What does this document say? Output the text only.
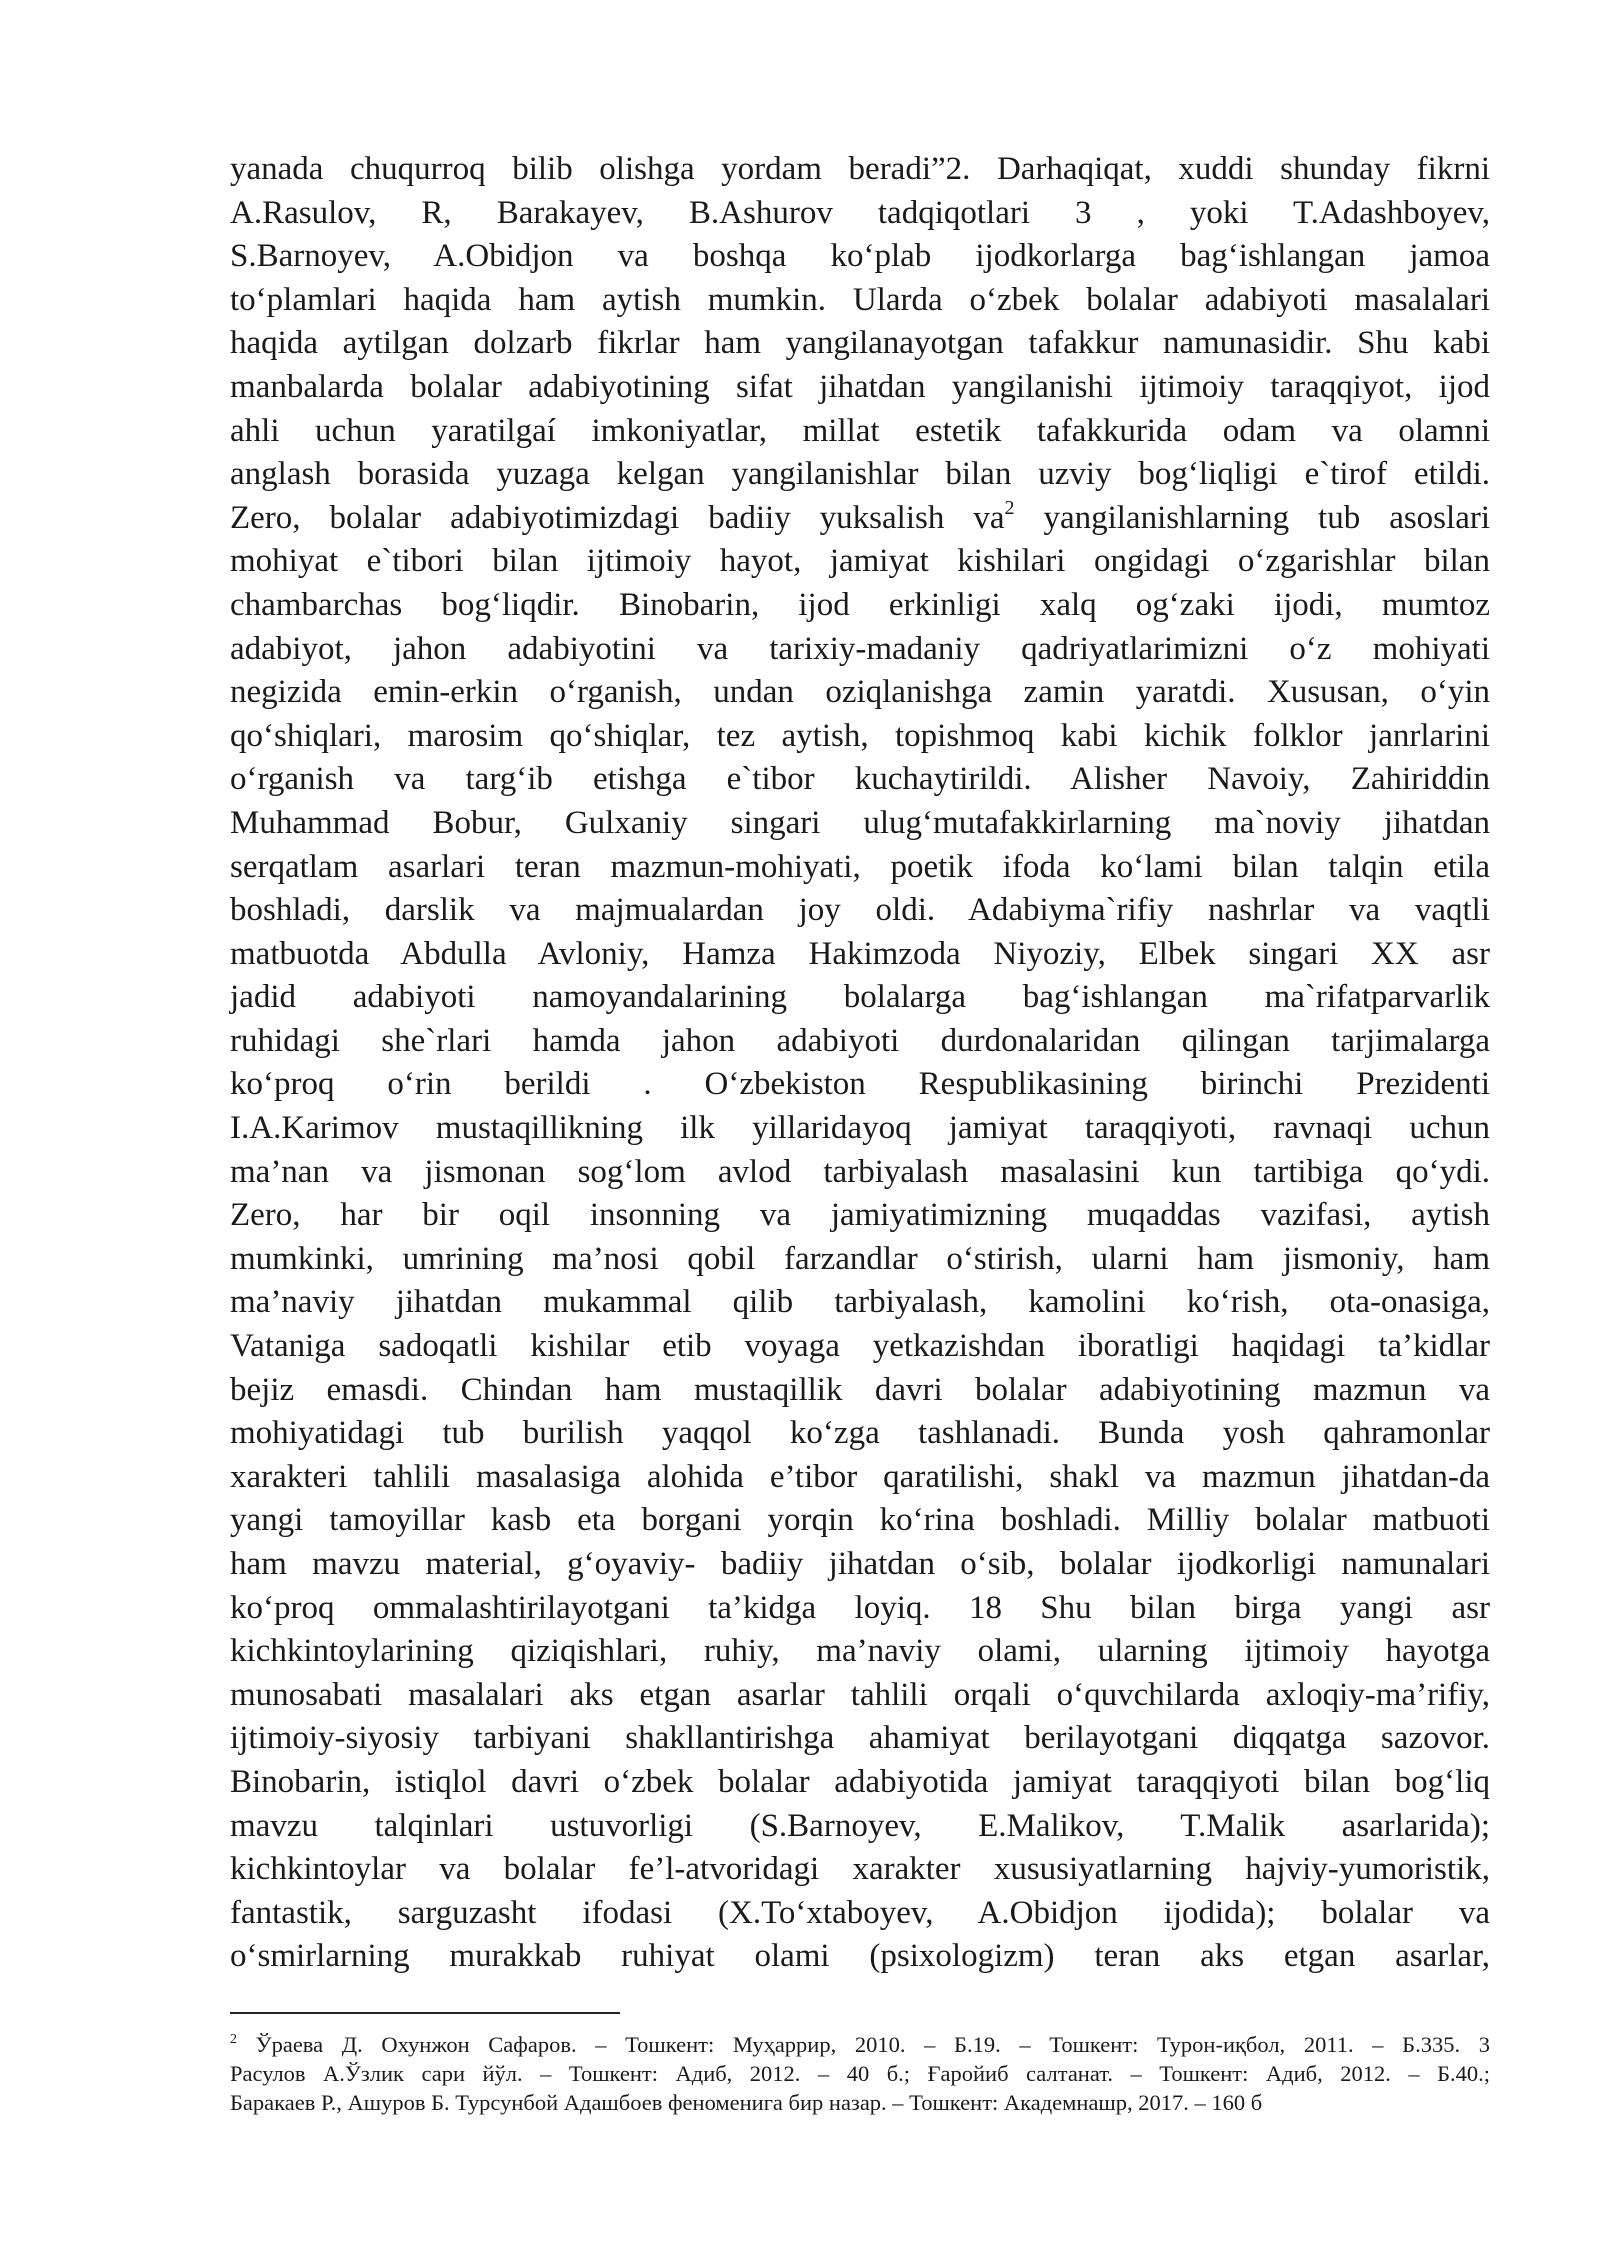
yanada chuqurroq bilib olishga yordam beradi”2. Darhaqiqat, xuddi shunday fikrni
A.Rasulov, R, Barakayev, B.Ashurov tadqiqotlari 3 , yoki T.Adashboyev,
S.Barnoyev, A.Obidjon va boshqa koʻplab ijodkorlarga bagʻishlangan jamoa
toʻplamlari haqida ham aytish mumkin. Ularda oʻzbek bolalar adabiyoti masalalari
haqida aytilgan dolzarb fikrlar ham yangilanayotgan tafakkur namunasidir. Shu kabi
manbalarda bolalar adabiyotining sifat jihatdan yangilanishi ijtimoiy taraqqiyot, ijod
ahli uchun yaratilgaí imkoniyatlar, millat estetik tafakkurida odam va olamni
anglash borasida yuzaga kelgan yangilanishlar bilan uzviy bogʻliqligi e`tirof etildi.
Zero, bolalar adabiyotimizdagi badiiy yuksalish $va^2$ yangilanishlarning tub asoslari
mohiyat e`tibori bilan ijtimoiy hayot, jamiyat kishilari ongidagi oʻzgarishlar bilan
chambarchas bogʻliqdir. Binobarin, ijod erkinligi xalq ogʻzaki ijodi, mumtoz
adabiyot, jahon adabiyotini va tarixiy-madaniy qadriyatlarimizni oʻz mohiyati
negizida emin-erkin oʻrganish, undan oziqlanishga zamin yaratdi. Xususan, oʻyin
qoʻshiqlari, marosim qoʻshiqlar, tez aytish, topishmoq kabi kichik folklor janrlarini
oʻrganish va targʻib etishga e`tibor kuchaytirildi. Alisher Navoiy, Zahiriddin
Muhammad Bobur, Gulxaniy singari ulugʻmutafakkirlarning ma`noviy jihatdan
serqatlam asarlari teran mazmun-mohiyati, poetik ifoda koʻlami bilan talqin etila
boshladi, darslik va majmualardan joy oldi. Adabiyma`rifiy nashrlar va vaqtli
matbuotda Abdulla Avloniy, Hamza Hakimzoda Niyoziy, Elbek singari XX asr
jadid adabiyoti namoyandalarining bolalarga bagʻishlangan ma`rifatparvarlik
ruhidagi she`rlari hamda jahon adabiyoti durdonalaridan qilingan tarjimalarga
koʻproq oʻrin berildi . Oʻzbekiston Respublikasining birinchi Prezidenti
I.A.Karimov mustaqillikning ilk yillaridayoq jamiyat taraqqiyoti, ravnaqi uchun
ma’nan va jismonan sogʻlom avlod tarbiyalash masalasini kun tartibiga qoʻydi.
Zero, har bir oqil insonning va jamiyatimizning muqaddas vazifasi, aytish
mumkinki, umrining ma’nosi qobil farzandlar oʻstirish, ularni ham jismoniy, ham
ma’naviy jihatdan mukammal qilib tarbiyalash, kamolini koʻrish, ota-onasiga,
Vataniga sadoqatli kishilar etib voyaga yetkazishdan iboratligi haqidagi ta’kidlar
bejiz emasdi. Chindan ham mustaqillik davri bolalar adabiyotining mazmun va
mohiyatidagi tub burilish yaqqol koʻzga tashlanadi. Bunda yosh qahramonlar
xarakteri tahlili masalasiga alohida e’tibor qaratilishi, shakl va mazmun jihatdan-da
yangi tamoyillar kasb eta borgani yorqin koʻrina boshladi. Milliy bolalar matbuoti
ham mavzu material, gʻoyaviy- badiiy jihatdan oʻsib, bolalar ijodkorligi namunalari
koʻproq ommalashtirilayotgani ta’kidga loyiq. 18 Shu bilan birga yangi asr
kichkintoylarining qiziqishlari, ruhiy, ma’naviy olami, ularning ijtimoiy hayotga
munosabati masalalari aks etgan asarlar tahlili orqali oʻquvchilarda axloqiy-ma’rifiy,
ijtimoiy-siyosiy tarbiyani shakllantirishga ahamiyat berilayotgani diqqatga sazovor.
Binobarin, istiqlol davri oʻzbek bolalar adabiyotida jamiyat taraqqiyoti bilan bogʻliq
mavzu talqinlari ustuvorligi (S.Barnoyev, E.Malikov, T.Malik asarlarida);
kichkintoylar va bolalar fe’l-atvoridagi xarakter xususiyatlarning hajviy-yumoristik,
fantastik, sarguzasht ifodasi (X.Toʻxtaboyev, A.Obidjon ijodida); bolalar va
oʻsmirlarning murakkab ruhiyat olami (psixologizm) teran aks etgan asarlar,
$^2$ Ўраева Д. Охунжон Сафаров. – Тошкент: Муҳаррир, 2010. – Б.19. – Тошкент: Турон-иқбол, 2011. – Б.335. 3
Расулов А.Ўзлик сари йўл. – Тошкент: Адиб, 2012. – 40 б.; Ғаройиб салтанат. – Тошкент: Адиб, 2012. – Б.40.;
Баракаев Р., Ашуров Б. Турсунбой Адашбоев феноменига бир назар. – Тошкент: Академнашр, 2017. – 160 б
